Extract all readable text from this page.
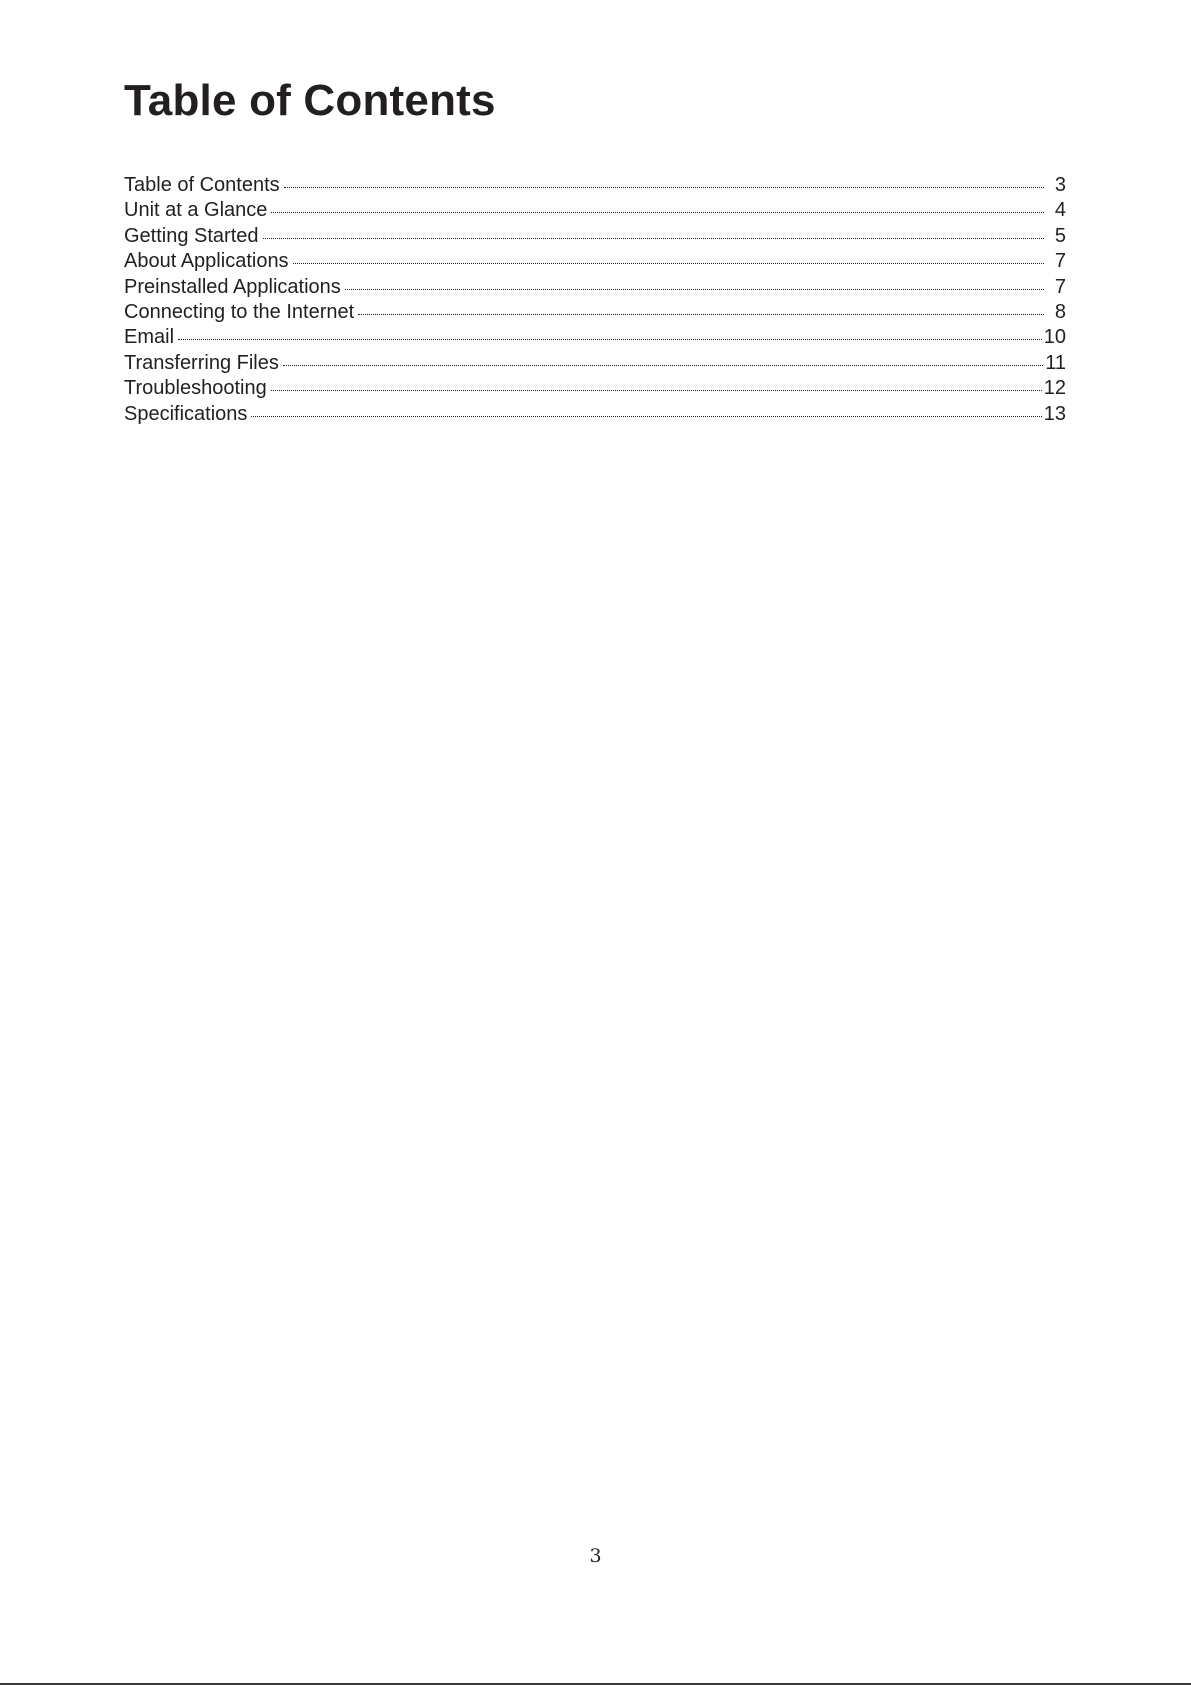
Table of Contents
Table of Contents	3
Unit at a Glance	4
Getting Started	5
About Applications	7
Preinstalled Applications	7
Connecting to the Internet	8
Email	10
Transferring Files	11
Troubleshooting	12
Specifications	13
3
